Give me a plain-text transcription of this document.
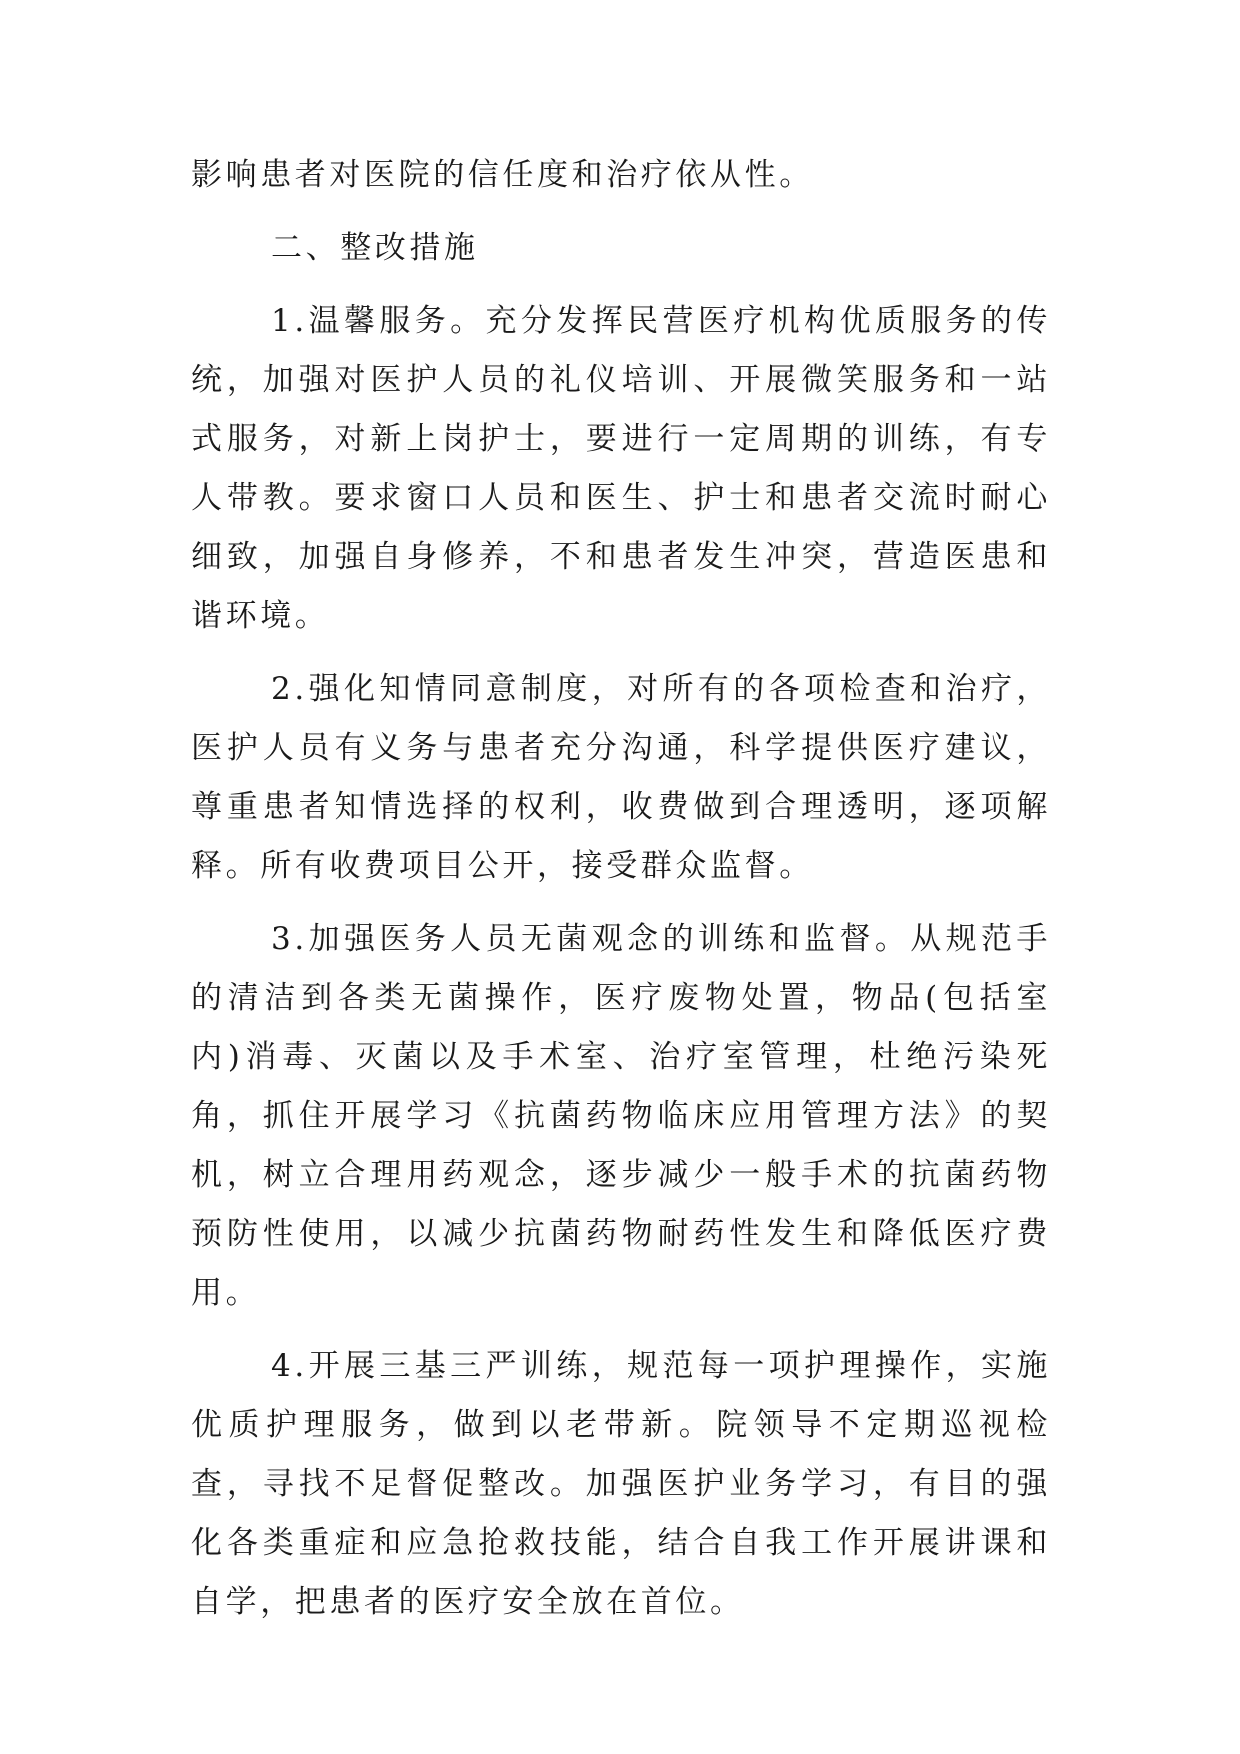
影响患者对医院的信任度和治疗依从性。

二、整改措施

1.温馨服务。充分发挥民营医疗机构优质服务的传统，加强对医护人员的礼仪培训、开展微笑服务和一站式服务，对新上岗护士，要进行一定周期的训练，有专人带教。要求窗口人员和医生、护士和患者交流时耐心细致，加强自身修养，不和患者发生冲突，营造医患和谐环境。

2.强化知情同意制度，对所有的各项检查和治疗，医护人员有义务与患者充分沟通，科学提供医疗建议，尊重患者知情选择的权利，收费做到合理透明，逐项解释。所有收费项目公开，接受群众监督。

3.加强医务人员无菌观念的训练和监督。从规范手的清洁到各类无菌操作，医疗废物处置，物品(包括室内)消毒、灭菌以及手术室、治疗室管理，杜绝污染死角，抓住开展学习《抗菌药物临床应用管理方法》的契机，树立合理用药观念，逐步减少一般手术的抗菌药物预防性使用，以减少抗菌药物耐药性发生和降低医疗费用。

4.开展三基三严训练，规范每一项护理操作，实施优质护理服务，做到以老带新。院领导不定期巡视检查，寻找不足督促整改。加强医护业务学习，有目的强化各类重症和应急抢救技能，结合自我工作开展讲课和自学，把患者的医疗安全放在首位。
